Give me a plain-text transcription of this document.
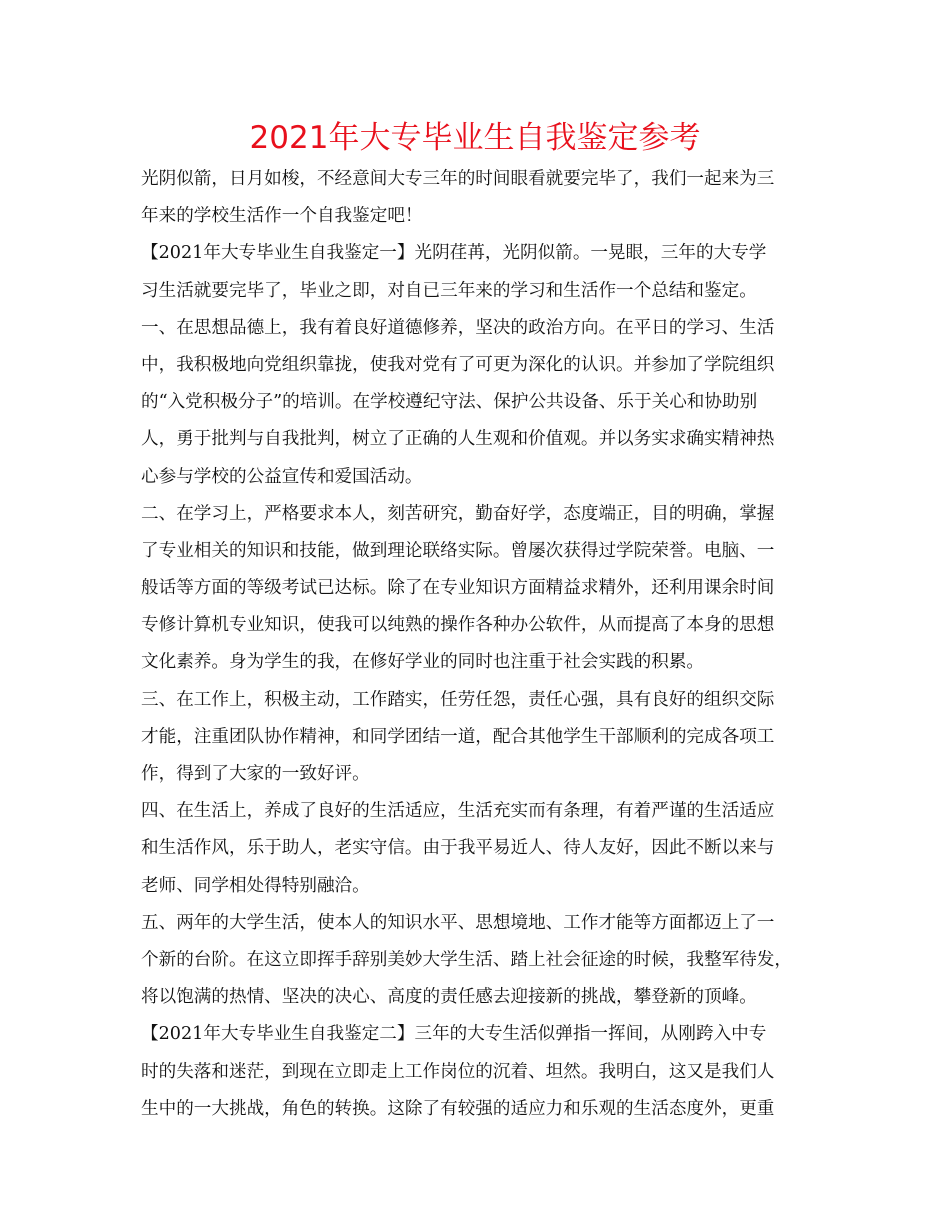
2021年大专毕业生自我鉴定参考
光阴似箭，日月如梭，不经意间大专三年的时间眼看就要完毕了，我们一起来为三
年来的学校生活作一个自我鉴定吧！
【2021年大专毕业生自我鉴定一】光阴荏苒，光阴似箭。一晃眼，三年的大专学
习生活就要完毕了，毕业之即，对自已三年来的学习和生活作一个总结和鉴定。
一、在思想品德上，我有着良好道德修养，坚决的政治方向。在平日的学习、生活
中，我积极地向党组织靠拢，使我对党有了可更为深化的认识。并参加了学院组织
的“入党积极分子”的培训。在学校遵纪守法、保护公共设备、乐于关心和协助别
人，勇于批判与自我批判，树立了正确的人生观和价值观。并以务实求确实精神热
心参与学校的公益宣传和爱国活动。
二、在学习上，严格要求本人，刻苦研究，勤奋好学，态度端正，目的明确，掌握
了专业相关的知识和技能，做到理论联络实际。曾屡次获得过学院荣誉。电脑、一
般话等方面的等级考试已达标。除了在专业知识方面精益求精外，还利用课余时间
专修计算机专业知识，使我可以纯熟的操作各种办公软件，从而提高了本身的思想
文化素养。身为学生的我，在修好学业的同时也注重于社会实践的积累。
三、在工作上，积极主动，工作踏实，任劳任怨，责任心强，具有良好的组织交际
才能，注重团队协作精神，和同学团结一道，配合其他学生干部顺利的完成各项工
作，得到了大家的一致好评。
四、在生活上，养成了良好的生活适应，生活充实而有条理，有着严谨的生活适应
和生活作风，乐于助人，老实守信。由于我平易近人、待人友好，因此不断以来与
老师、同学相处得特别融洽。
五、两年的大学生活，使本人的知识水平、思想境地、工作才能等方面都迈上了一
个新的台阶。在这立即挥手辞别美妙大学生活、踏上社会征途的时候，我整军待发，
将以饱满的热情、坚决的决心、高度的责任感去迎接新的挑战，攀登新的顶峰。
【2021年大专毕业生自我鉴定二】三年的大专生活似弹指一挥间，从刚跨入中专
时的失落和迷茫，到现在立即走上工作岗位的沉着、坦然。我明白，这又是我们人
生中的一大挑战，角色的转换。这除了有较强的适应力和乐观的生活态度外，更重
